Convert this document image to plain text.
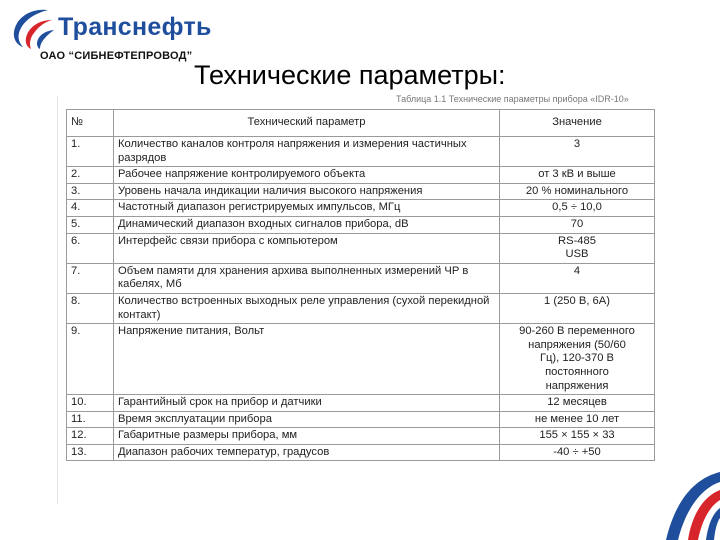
Транснефть
ОАО “СИБНЕФТЕПРОВОД”
Технические параметры:
№	Технический параметр	Значение
1.	Количество каналов контроля напряжения и измерения частичных разрядов	3

2.	Рабочее напряжение контролируемого объекта	от 3 кВ и выше

3.	Уровень начала индикации наличия высокого напряжения	20 % номинального

4.	Частотный диапазон регистрируемых импульсов, МГц	0,5 ÷ 10,0

5.	Динамический диапазон входных сигналов прибора, dB	70

6.	Интерфейс связи прибора с компьютером	RS-485
USB

7.	Объем памяти для хранения архива выполненных измерений ЧР в кабелях, Мб	4

8.	Количество встроенных выходных реле управления (сухой перекидной контакт)	1 (250 В, 6А)

9.	Напряжение питания, Вольт	90-260 В переменного
напряжения (50/60
Гц), 120-370 В
постоянного
напряжения

10.	Гарантийный срок на прибор и датчики	12 месяцев

11.	Время эксплуатации прибора	не менее 10 лет

12.	Габаритные размеры прибора, мм	155 × 155 × 33

13.	Диапазон рабочих температур, градусов	-40 ÷ +50
Таблица 1.1 Технические параметры прибора «IDR-10»
